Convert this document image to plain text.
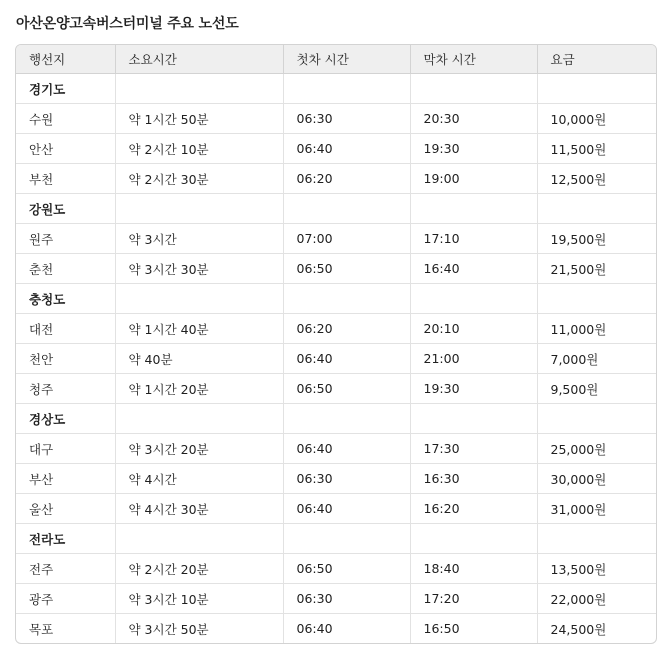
아산온양고속버스터미널 주요 노선도
행선지	소요시간	첫차 시간	막차 시간	요금
경기도				
수원	약 1시간 50분	06:30	20:30	10,000원
안산	약 2시간 10분	06:40	19:30	11,500원
부천	약 2시간 30분	06:20	19:00	12,500원
강원도				
원주	약 3시간	07:00	17:10	19,500원
춘천	약 3시간 30분	06:50	16:40	21,500원
충청도				
대전	약 1시간 40분	06:20	20:10	11,000원
천안	약 40분	06:40	21:00	7,000원
청주	약 1시간 20분	06:50	19:30	9,500원
경상도				
대구	약 3시간 20분	06:40	17:30	25,000원
부산	약 4시간	06:30	16:30	30,000원
울산	약 4시간 30분	06:40	16:20	31,000원
전라도				
전주	약 2시간 20분	06:50	18:40	13,500원
광주	약 3시간 10분	06:30	17:20	22,000원
목포	약 3시간 50분	06:40	16:50	24,500원
